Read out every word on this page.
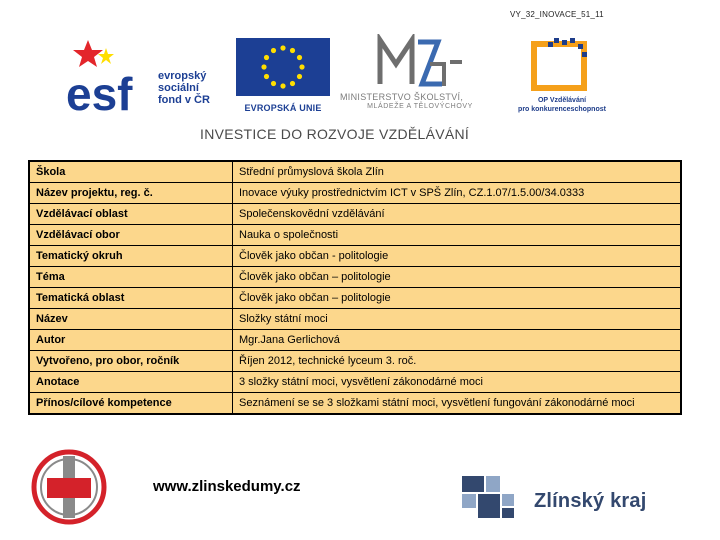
VY_32_INOVACE_51_11
esf evropský
sociální
fond v ČR
EVROPSKÁ UNIE
MINISTERSTVO ŠKOLSTVÍ,
MLÁDEŽE A TĚLOVÝCHOVY
OP Vzdělávání
pro konkurenceschopnost
INVESTICE DO ROZVOJE VZDĚLÁVÁNÍ
Škola	Střední průmyslová škola Zlín
Název projektu, reg. č.	Inovace výuky prostřednictvím ICT v SPŠ Zlín, CZ.1.07/1.5.00/34.0333
Vzdělávací oblast	Společenskovědní vzdělávání
Vzdělávací obor	Nauka o společnosti
Tematický okruh	Člověk jako občan - politologie
Téma	Člověk jako občan – politologie
Tematická oblast	Člověk jako občan – politologie
Název	Složky státní moci
Autor	Mgr.Jana Gerlichová
Vytvořeno, pro obor, ročník	Říjen 2012, technické lyceum 3. roč.
Anotace	3 složky státní moci, vysvětlení zákonodárné moci
Přínos/cílové kompetence	Seznámení se se 3 složkami státní moci, vysvětlení fungování zákonodárné moci
www.zlinskedumy.cz
Zlínský kraj
